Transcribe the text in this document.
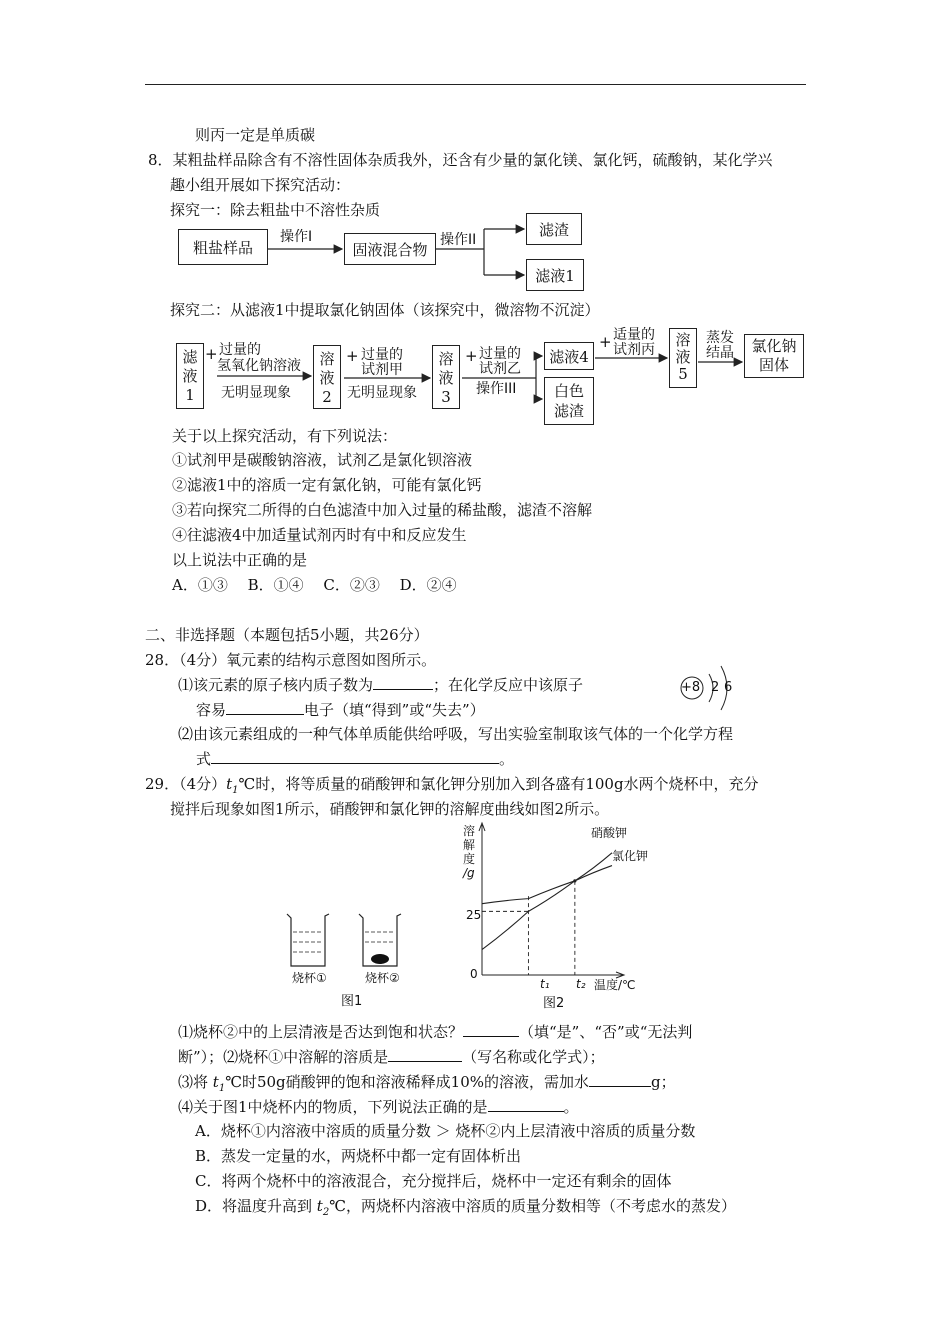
则丙一定是单质碳
8．某粗盐样品除含有不溶性固体杂质我外，还含有少量的氯化镁、氯化钙，硫酸钠，某化学兴
趣小组开展如下探究活动：
探究一：除去粗盐中不溶性杂质
粗盐样品	固液混合物
滤渣
滤液1
操作I	操作II
探究二：从滤液1中提取氯化钠固体（该探究中，微溶物不沉淀）
滤
液
1
溶
液
2
溶
液
3
滤液4
白色
滤渣
溶
液
5
氯化钠
固体
+ 过量的
氢氧化钠溶液
无明显现象
+ 过量的
试剂甲
无明显现象
+ 过量的
试剂乙
操作III
+ 适量的
试剂丙
蒸发
结晶
关于以上探究活动，有下列说法：
①试剂甲是碳酸钠溶液，试剂乙是氯化钡溶液
②滤液1中的溶质一定有氯化钠，可能有氯化钙
③若向探究二所得的白色滤渣中加入过量的稀盐酸，滤渣不溶解
④往滤液4中加适量试剂丙时有中和反应发生
以上说法中正确的是
A．①③　 B．①④　 C．②③　 D．②④
二、非选择题（本题包括5小题，共26分）
28．（4分）氧元素的结构示意图如图所示。
⑴该元素的原子核内质子数为	；在化学反应中该原子
容易	电子（填“得到”或“失去”）
⑵由该元素组成的一种气体单质能供给呼吸，写出实验室制取该气体的一个化学方程
式	。
+8 2 6
29．（4分）$t_1℃$时，将等质量的硝酸钾和氯化钾分别加入到各盛有100g水两个烧杯中，充分
搅拌后现象如图1所示，硝酸钾和氯化钾的溶解度曲线如图2所示。
烧杯①	烧杯②
图1
溶
解
度
/g
硝酸钾
氯化钾
25
0
t₁ t₂ 温度/℃
图2
⑴烧杯②中的上层清液是否达到饱和状态？	（填“是”、“否”或“无法判
断”）；⑵烧杯①中溶解的溶质是	（写名称或化学式）；
⑶将 $t_1℃$时50g硝酸钾的饱和溶液稀释成10%的溶液，需加水	g；
⑷关于图1中烧杯内的物质，下列说法正确的是	。
A．烧杯①内溶液中溶质的质量分数 ＞ 烧杯②内上层清液中溶质的质量分数
B．蒸发一定量的水，两烧杯中都一定有固体析出
C．将两个烧杯中的溶液混合，充分搅拌后，烧杯中一定还有剩余的固体
D．将温度升高到 $t_2℃$，两烧杯内溶液中溶质的质量分数相等（不考虑水的蒸发）
